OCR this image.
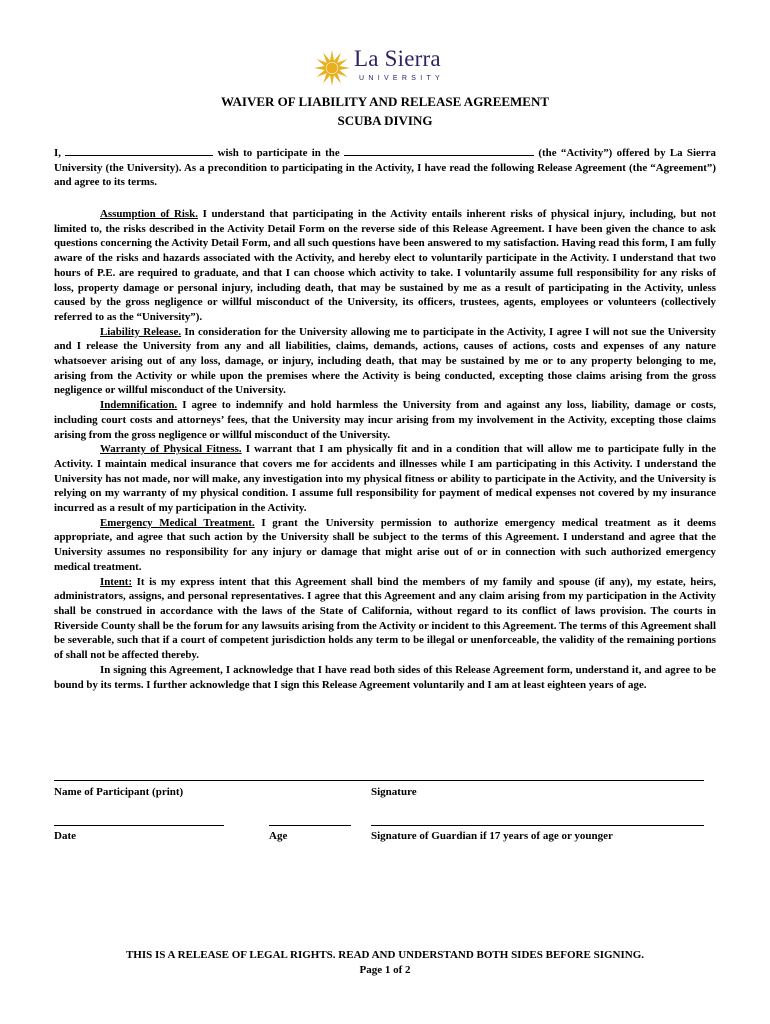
La Sierra
UNIVERSITY
WAIVER OF LIABILITY AND RELEASE AGREEMENT
SCUBA DIVING

I,	wish to participate in the	(the “Activity”) offered by La Sierra University (the University). As a precondition to participating in the Activity, I have read the following Release Agreement (the “Agreement”) and agree to its terms.

Assumption of Risk. I understand that participating in the Activity entails inherent risks of physical injury, including, but not limited to, the risks described in the Activity Detail Form on the reverse side of this Release Agreement. I have been given the chance to ask questions concerning the Activity Detail Form, and all such questions have been answered to my satisfaction. Having read this form, I am fully aware of the risks and hazards associated with the Activity, and hereby elect to voluntarily participate in the Activity. I understand that two hours of P.E. are required to graduate, and that I can choose which activity to take. I voluntarily assume full responsibility for any risks of loss, property damage or personal injury, including death, that may be sustained by me as a result of participating in the Activity, unless caused by the gross negligence or willful misconduct of the University, its officers, trustees, agents, employees or volunteers (collectively referred to as the “University”).

Liability Release. In consideration for the University allowing me to participate in the Activity, I agree I will not sue the University and I release the University from any and all liabilities, claims, demands, actions, causes of actions, costs and expenses of any nature whatsoever arising out of any loss, damage, or injury, including death, that may be sustained by me or to any property belonging to me, arising from the Activity or while upon the premises where the Activity is being conducted, excepting those claims arising from the gross negligence or willful misconduct of the University.

Indemnification. I agree to indemnify and hold harmless the University from and against any loss, liability, damage or costs, including court costs and attorneys’ fees, that the University may incur arising from my involvement in the Activity, excepting those claims arising from the gross negligence or willful misconduct of the University.

Warranty of Physical Fitness. I warrant that I am physically fit and in a condition that will allow me to participate fully in the Activity. I maintain medical insurance that covers me for accidents and illnesses while I am participating in this Activity. I understand the University has not made, nor will make, any investigation into my physical fitness or ability to participate in the Activity, and the University is relying on my warranty of my physical condition. I assume full responsibility for payment of medical expenses not covered by my insurance incurred as a result of my participation in the Activity.

Emergency Medical Treatment. I grant the University permission to authorize emergency medical treatment as it deems appropriate, and agree that such action by the University shall be subject to the terms of this Agreement. I understand and agree that the University assumes no responsibility for any injury or damage that might arise out of or in connection with such authorized emergency medical treatment.

Intent: It is my express intent that this Agreement shall bind the members of my family and spouse (if any), my estate, heirs, administrators, assigns, and personal representatives. I agree that this Agreement and any claim arising from my participation in the Activity shall be construed in accordance with the laws of the State of California, without regard to its conflict of laws provision. The courts in Riverside County shall be the forum for any lawsuits arising from the Activity or incident to this Agreement. The terms of this Agreement shall be severable, such that if a court of competent jurisdiction holds any term to be illegal or unenforceable, the validity of the remaining portions of shall not be affected thereby.

In signing this Agreement, I acknowledge that I have read both sides of this Release Agreement form, understand it, and agree to be bound by its terms. I further acknowledge that I sign this Release Agreement voluntarily and I am at least eighteen years of age.

Name of Participant (print)	Signature
Date	Age	Signature of Guardian if 17 years of age or younger
THIS IS A RELEASE OF LEGAL RIGHTS. READ AND UNDERSTAND BOTH SIDES BEFORE SIGNING.
Page 1 of 2
